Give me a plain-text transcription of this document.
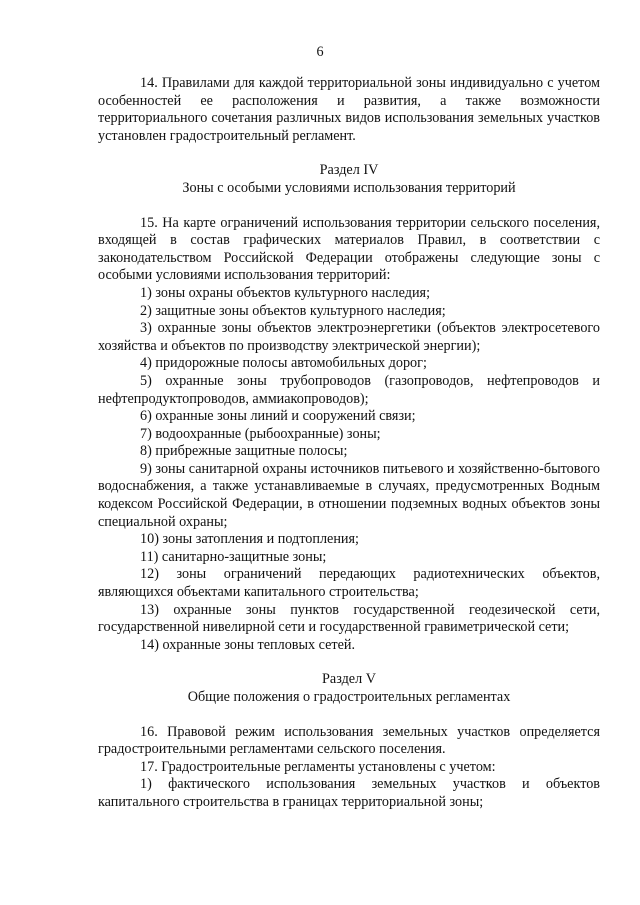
6

14. Правилами для каждой территориальной зоны индивидуально с учетом особенностей ее расположения и развития, а также возможности территориального сочетания различных видов использования земельных участков установлен градостроительный регламент.

Раздел IV
Зоны с особыми условиями использования территорий

15. На карте ограничений использования территории сельского поселения, входящей в состав графических материалов Правил, в соответствии с законодательством Российской Федерации отображены следующие зоны с особыми условиями использования территорий:

1) зоны охраны объектов культурного наследия;

2) защитные зоны объектов культурного наследия;

3) охранные зоны объектов электроэнергетики (объектов электросетевого хозяйства и объектов по производству электрической энергии);

4) придорожные полосы автомобильных дорог;

5) охранные зоны трубопроводов (газопроводов, нефтепроводов и нефтепродуктопроводов, аммиакопроводов);

6) охранные зоны линий и сооружений связи;

7) водоохранные (рыбоохранные) зоны;

8) прибрежные защитные полосы;

9) зоны санитарной охраны источников питьевого и хозяйственно-бытового водоснабжения, а также устанавливаемые в случаях, предусмотренных Водным кодексом Российской Федерации, в отношении подземных водных объектов зоны специальной охраны;

10) зоны затопления и подтопления;

11) санитарно-защитные зоны;

12) зоны ограничений передающих радиотехнических объектов, являющихся объектами капитального строительства;

13) охранные зоны пунктов государственной геодезической сети, государственной нивелирной сети и государственной гравиметрической сети;

14) охранные зоны тепловых сетей.

Раздел V
Общие положения о градостроительных регламентах

16. Правовой режим использования земельных участков определяется градостроительными регламентами сельского поселения.

17. Градостроительные регламенты установлены с учетом:

1) фактического использования земельных участков и объектов капитального строительства в границах территориальной зоны;
